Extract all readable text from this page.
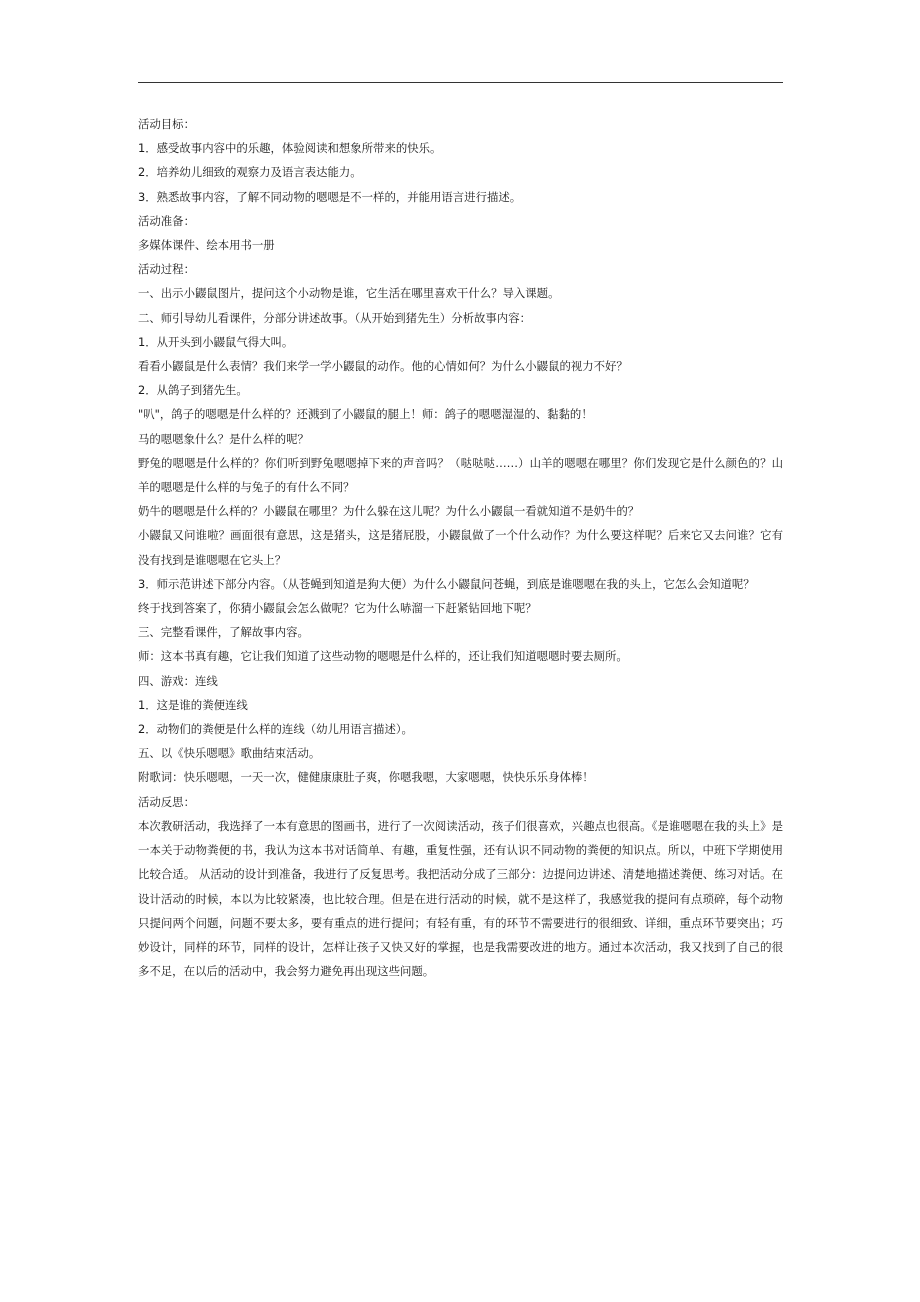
活动目标：

1．感受故事内容中的乐趣，体验阅读和想象所带来的快乐。

2．培养幼儿细致的观察力及语言表达能力。

3．熟悉故事内容，了解不同动物的嗯嗯是不一样的，并能用语言进行描述。

活动准备：

多媒体课件、绘本用书一册

活动过程：

一、出示小鼹鼠图片，提问这个小动物是谁，它生活在哪里喜欢干什么？导入课题。

二、师引导幼儿看课件，分部分讲述故事。（从开始到猪先生）分析故事内容：

1．从开头到小鼹鼠气得大叫。

看看小鼹鼠是什么表情？我们来学一学小鼹鼠的动作。他的心情如何？为什么小鼹鼠的视力不好？

2．从鸽子到猪先生。

"叭"，鸽子的嗯嗯是什么样的？还溅到了小鼹鼠的腿上！师：鸽子的嗯嗯湿湿的、黏黏的！

马的嗯嗯象什么？是什么样的呢？

野兔的嗯嗯是什么样的？你们听到野兔嗯嗯掉下来的声音吗？（哒哒哒……）山羊的嗯嗯在哪里？你们发现它是什么颜色的？山羊的嗯嗯是什么样的与兔子的有什么不同？

奶牛的嗯嗯是什么样的？小鼹鼠在哪里？为什么躲在这儿呢？为什么小鼹鼠一看就知道不是奶牛的？

小鼹鼠又问谁啦？画面很有意思，这是猪头，这是猪屁股，小鼹鼠做了一个什么动作？为什么要这样呢？后来它又去问谁？它有没有找到是谁嗯嗯在它头上？

3．师示范讲述下部分内容。（从苍蝇到知道是狗大便）为什么小鼹鼠问苍蝇，到底是谁嗯嗯在我的头上，它怎么会知道呢？

终于找到答案了，你猜小鼹鼠会怎么做呢？它为什么哧溜一下赶紧钻回地下呢？

三、完整看课件，了解故事内容。

师：这本书真有趣，它让我们知道了这些动物的嗯嗯是什么样的，还让我们知道嗯嗯时要去厕所。

四、游戏：连线

1．这是谁的粪便连线

2．动物们的粪便是什么样的连线（幼儿用语言描述）。

五、以《快乐嗯嗯》歌曲结束活动。

附歌词：快乐嗯嗯，一天一次，健健康康肚子爽，你嗯我嗯，大家嗯嗯，快快乐乐身体棒！

活动反思：

本次教研活动，我选择了一本有意思的图画书，进行了一次阅读活动，孩子们很喜欢，兴趣点也很高。《是谁嗯嗯在我的头上》是一本关于动物粪便的书，我认为这本书对话简单、有趣，重复性强，还有认识不同动物的粪便的知识点。所以，中班下学期使用比较合适。 从活动的设计到准备，我进行了反复思考。我把活动分成了三部分：边提问边讲述、清楚地描述粪便、练习对话。在设计活动的时候，本以为比较紧凑，也比较合理。但是在进行活动的时候，就不是这样了，我感觉我的提问有点琐碎，每个动物只提问两个问题，问题不要太多，要有重点的进行提问；有轻有重，有的环节不需要进行的很细致、详细，重点环节要突出；巧妙设计，同样的环节，同样的设计，怎样让孩子又快又好的掌握，也是我需要改进的地方。通过本次活动，我又找到了自己的很多不足，在以后的活动中，我会努力避免再出现这些问题。
